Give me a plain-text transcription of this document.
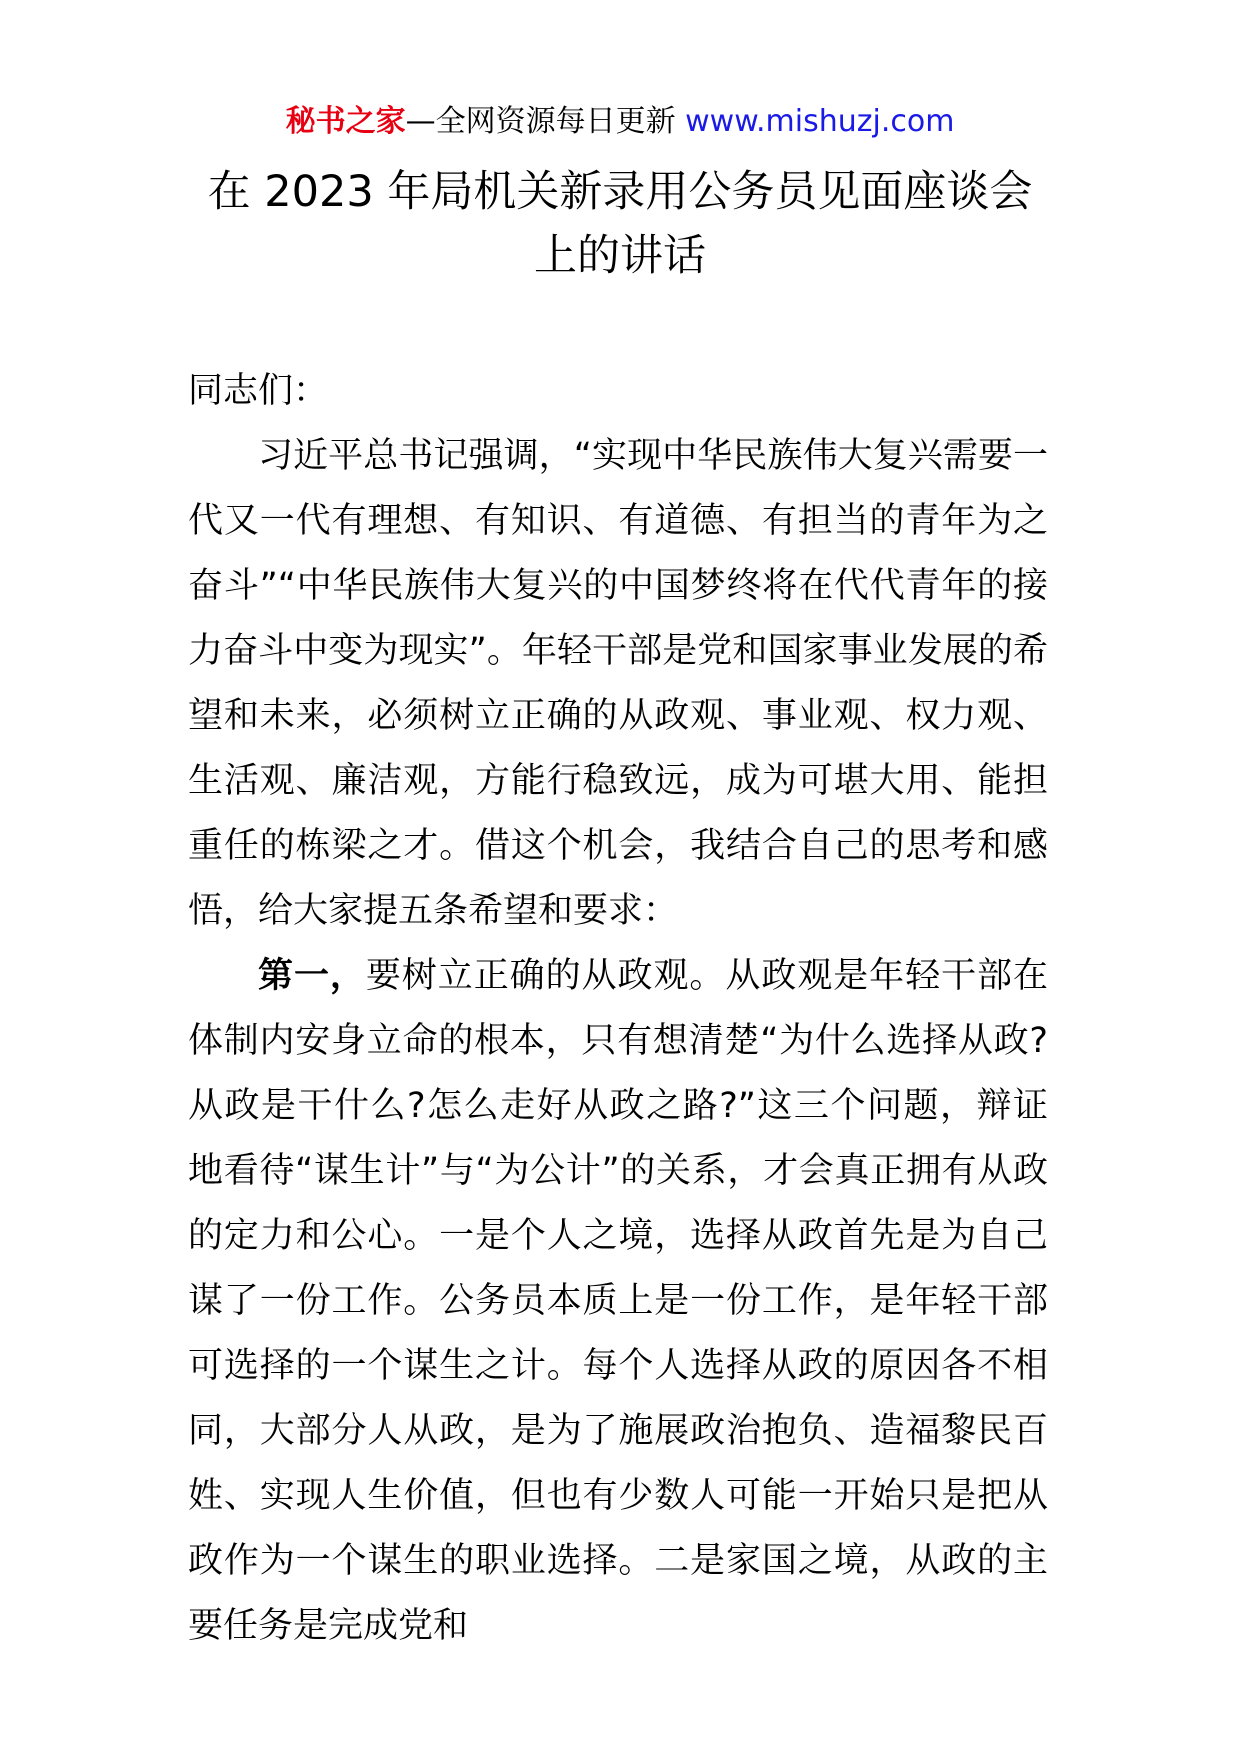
秘书之家—全网资源每日更新 www.mishuzj.com
在 2023 年局机关新录用公务员见面座谈会
上的讲话

同志们：

习近平总书记强调，“实现中华民族伟大复兴需要一代又一代有理想、有知识、有道德、有担当的青年为之奋斗”“中华民族伟大复兴的中国梦终将在代代青年的接力奋斗中变为现实”。年轻干部是党和国家事业发展的希望和未来，必须树立正确的从政观、事业观、权力观、生活观、廉洁观，方能行稳致远，成为可堪大用、能担重任的栋梁之才。借这个机会，我结合自己的思考和感悟，给大家提五条希望和要求：

第一，要树立正确的从政观。从政观是年轻干部在体制内安身立命的根本，只有想清楚“为什么选择从政?从政是干什么?怎么走好从政之路?”这三个问题，辩证地看待“谋生计”与“为公计”的关系，才会真正拥有从政的定力和公心。一是个人之境，选择从政首先是为自己谋了一份工作。公务员本质上是一份工作，是年轻干部可选择的一个谋生之计。每个人选择从政的原因各不相同，大部分人从政，是为了施展政治抱负、造福黎民百姓、实现人生价值，但也有少数人可能一开始只是把从政作为一个谋生的职业选择。二是家国之境，从政的主要任务是完成党和
